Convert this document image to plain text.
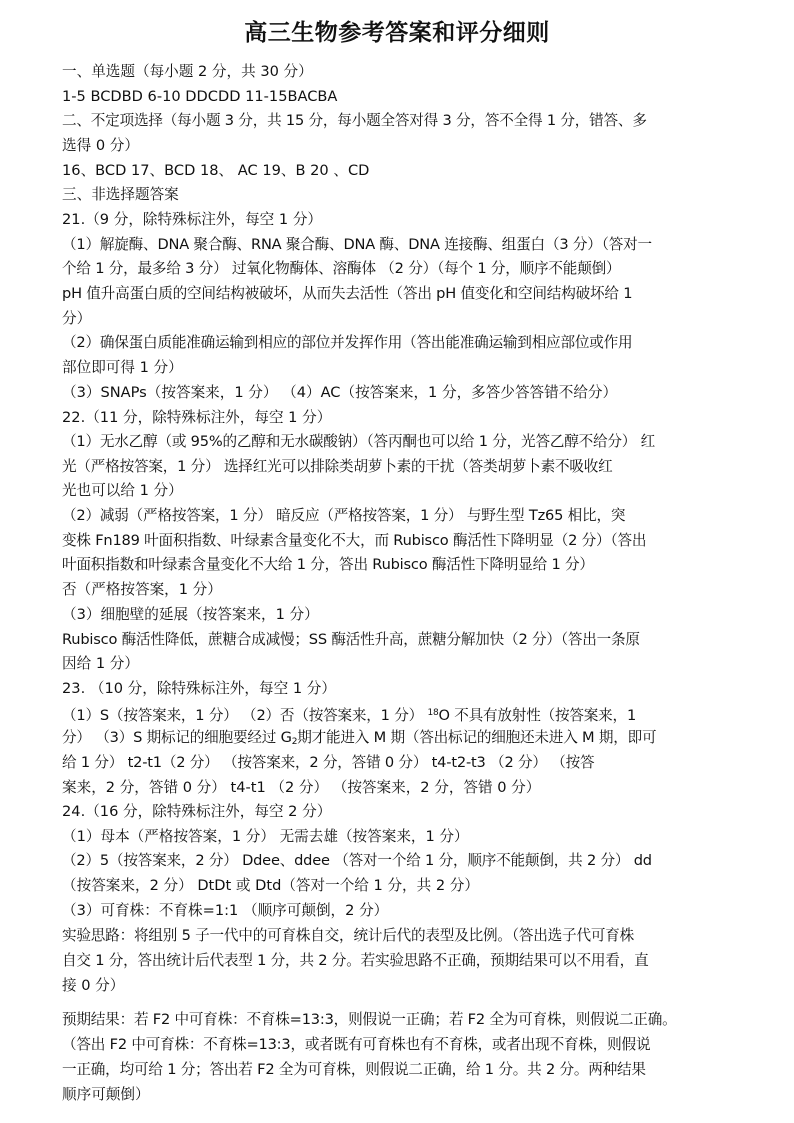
高三生物参考答案和评分细则
一、单选题（每小题 2 分，共 30 分）
1-5 BCDBD 6-10 DDCDD 11-15BACBA
二、不定项选择（每小题 3 分，共 15 分，每小题全答对得 3 分，答不全得 1 分，错答、多
选得 0 分）
16、BCD 17、BCD 18、 AC 19、B 20 、CD
三、非选择题答案
21.（9 分，除特殊标注外，每空 1 分）
（1）解旋酶、DNA 聚合酶、RNA 聚合酶、DNA 酶、DNA 连接酶、组蛋白（3 分）（答对一
个给 1 分，最多给 3 分） 过氧化物酶体、溶酶体 （2 分）（每个 1 分，顺序不能颠倒）
pH 值升高蛋白质的空间结构被破坏，从而失去活性（答出 pH 值变化和空间结构破坏给 1
分）
（2）确保蛋白质能准确运输到相应的部位并发挥作用（答出能准确运输到相应部位或作用
部位即可得 1 分）
（3）SNAPs（按答案来，1 分） （4）AC（按答案来，1 分，多答少答答错不给分）
22.（11 分，除特殊标注外，每空 1 分）
（1）无水乙醇（或 95%的乙醇和无水碳酸钠）（答丙酮也可以给 1 分，光答乙醇不给分） 红
光（严格按答案，1 分） 选择红光可以排除类胡萝卜素的干扰（答类胡萝卜素不吸收红
光也可以给 1 分）
（2）减弱（严格按答案，1 分） 暗反应（严格按答案，1 分） 与野生型 Tz65 相比，突
变株 Fn189 叶面积指数、叶绿素含量变化不大，而 Rubisco 酶活性下降明显（2 分）（答出
叶面积指数和叶绿素含量变化不大给 1 分，答出 Rubisco 酶活性下降明显给 1 分）
否（严格按答案，1 分）
（3）细胞壁的延展（按答案来，1 分）
Rubisco 酶活性降低，蔗糖合成减慢；SS 酶活性升高，蔗糖分解加快（2 分）（答出一条原
因给 1 分）
23. （10 分，除特殊标注外，每空 1 分）
（1）S（按答案来，1 分） （2）否（按答案来，1 分） $^{18}$O 不具有放射性（按答案来，1
分） （3）S 期标记的细胞要经过 $G_2$期才能进入 M 期（答出标记的细胞还未进入 M 期，即可
给 1 分） t2-t1（2 分） （按答案来，2 分，答错 0 分） t4-t2-t3 （2 分） （按答
案来，2 分，答错 0 分） t4-t1 （2 分） （按答案来，2 分，答错 0 分）
24.（16 分，除特殊标注外，每空 2 分）
（1）母本（严格按答案，1 分） 无需去雄（按答案来，1 分）
（2）5（按答案来，2 分） Ddee、ddee （答对一个给 1 分，顺序不能颠倒，共 2 分） dd
（按答案来，2 分） DtDt 或 Dtd（答对一个给 1 分，共 2 分）
（3）可育株：不育株=1:1 （顺序可颠倒，2 分）
实验思路：将组别 5 子一代中的可育株自交，统计后代的表型及比例。（答出选子代可育株
自交 1 分，答出统计后代表型 1 分，共 2 分。若实验思路不正确，预期结果可以不用看，直
接 0 分）
预期结果：若 F2 中可育株：不育株=13:3，则假说一正确；若 F2 全为可育株，则假说二正确。
（答出 F2 中可育株：不育株=13:3，或者既有可育株也有不育株，或者出现不育株，则假说
一正确，均可给 1 分；答出若 F2 全为可育株，则假说二正确，给 1 分。共 2 分。两种结果
顺序可颠倒）
